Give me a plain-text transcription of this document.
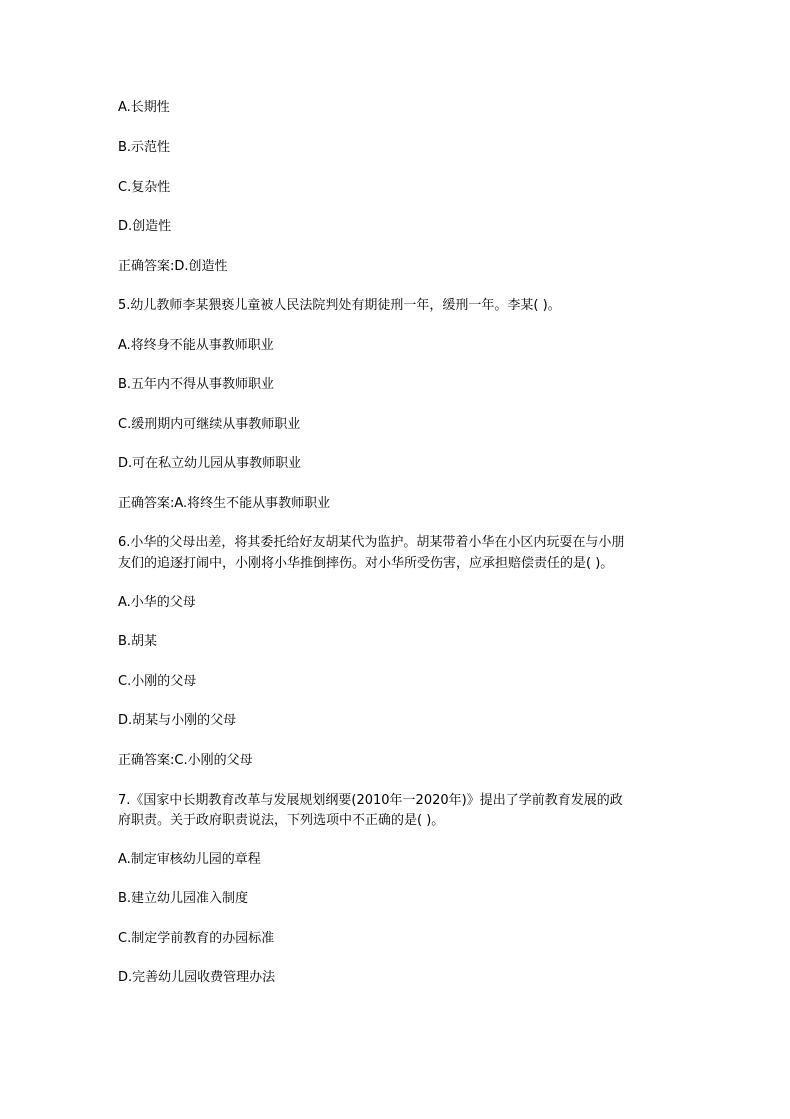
A.长期性
B.示范性
C.复杂性
D.创造性
正确答案:D.创造性
5.幼儿教师李某猥亵儿童被人民法院判处有期徒刑一年，缓刑一年。李某( )。
A.将终身不能从事教师职业
B.五年内不得从事教师职业
C.缓刑期内可继续从事教师职业
D.可在私立幼儿园从事教师职业
正确答案:A.将终生不能从事教师职业
6.小华的父母出差，将其委托给好友胡某代为监护。胡某带着小华在小区内玩耍在与小朋
友们的追逐打闹中，小刚将小华推倒摔伤。对小华所受伤害，应承担赔偿责任的是( )。
A.小华的父母
B.胡某
C.小刚的父母
D.胡某与小刚的父母
正确答案:C.小刚的父母
7.《国家中长期教育改革与发展规划纲要(2010年一2020年)》提出了学前教育发展的政
府职责。关于政府职责说法，下列选项中不正确的是( )。
A.制定审核幼儿园的章程
B.建立幼儿园准入制度
C.制定学前教育的办园标准
D.完善幼儿园收费管理办法
